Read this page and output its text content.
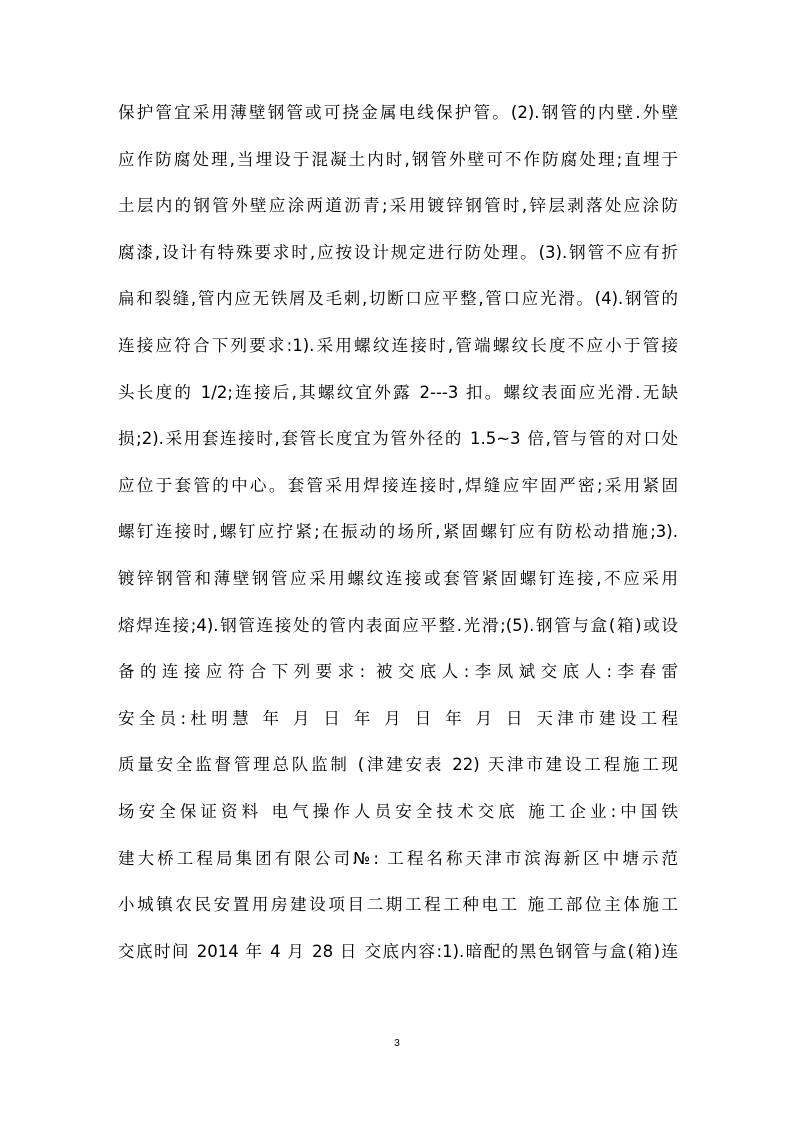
保护管宜采用薄壁钢管或可挠金属电线保护管。(2).钢管的内壁.外壁
应作防腐处理,当埋设于混凝土内时,钢管外壁可不作防腐处理;直埋于
土层内的钢管外壁应涂两道沥青;采用镀锌钢管时,锌层剥落处应涂防
腐漆,设计有特殊要求时,应按设计规定进行防处理。(3).钢管不应有折
扁和裂缝,管内应无铁屑及毛刺,切断口应平整,管口应光滑。(4).钢管的
连接应符合下列要求:1).采用螺纹连接时,管端螺纹长度不应小于管接
头长度的 1/2;连接后,其螺纹宜外露 2---3 扣。螺纹表面应光滑.无缺
损;2).采用套连接时,套管长度宜为管外径的 1.5~3 倍,管与管的对口处
应位于套管的中心。套管采用焊接连接时,焊缝应牢固严密;采用紧固
螺钉连接时,螺钉应拧紧;在振动的场所,紧固螺钉应有防松动措施;3).
镀锌钢管和薄壁钢管应采用螺纹连接或套管紧固螺钉连接,不应采用
熔焊连接;4).钢管连接处的管内表面应平整.光滑;(5).钢管与盒(箱)或设
备的连接应符合下列要求: 被交底人:李凤斌交底人:李春雷
安全员:杜明慧 年 月 日 年 月 日 年 月 日 天津市建设工程
质量安全监督管理总队监制 (津建安表 22) 天津市建设工程施工现
场安全保证资料 电气操作人员安全技术交底 施工企业:中国铁
建大桥工程局集团有限公司№: 工程名称天津市滨海新区中塘示范
小城镇农民安置用房建设项目二期工程工种电工 施工部位主体施工
交底时间 2014 年 4 月 28 日 交底内容:1).暗配的黑色钢管与盒(箱)连
3
